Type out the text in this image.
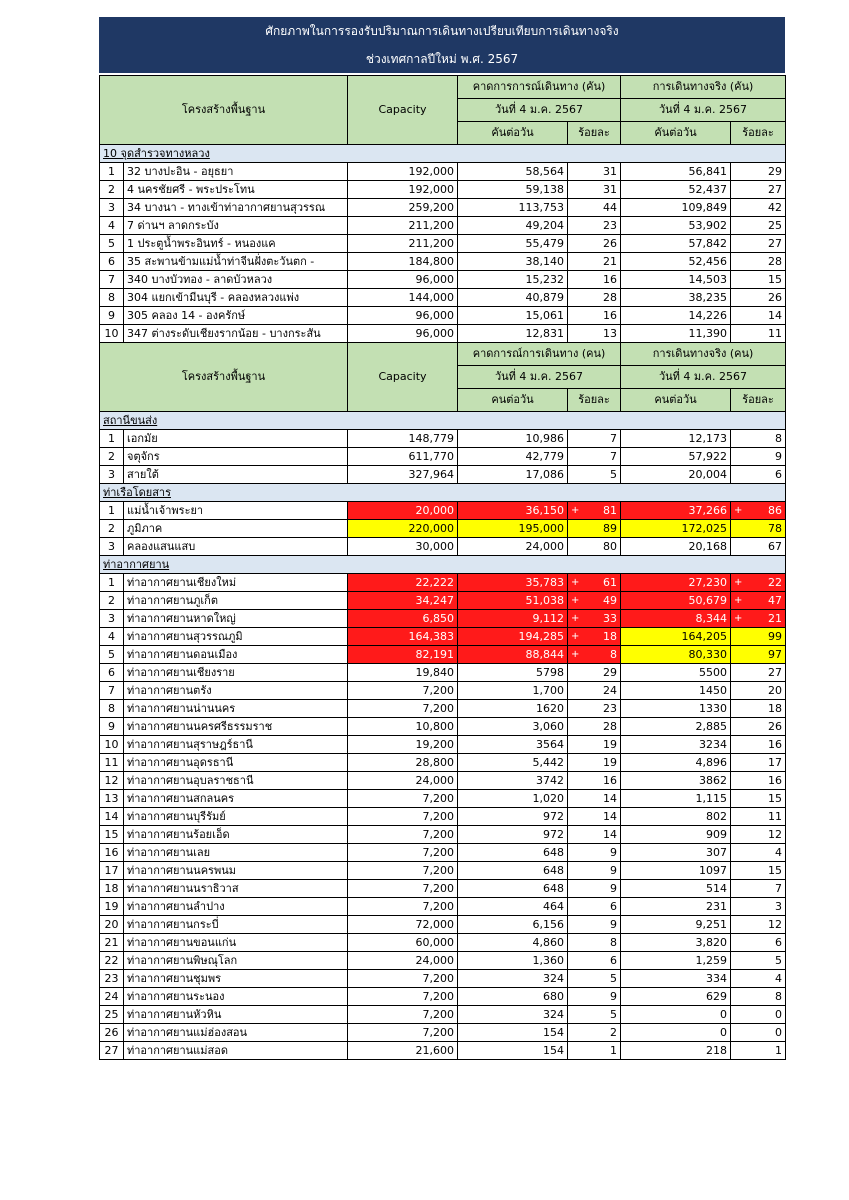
ศักยภาพในการรองรับปริมาณการเดินทางเปรียบเทียบการเดินทางจริง
ช่วงเทศกาลปีใหม่ พ.ศ. 2567
โครงสร้างพื้นฐาน		Capacity	คาดการการณ์เดินทาง (คัน)		การเดินทางจริง (คัน)	
			วันที่ 4 ม.ค. 2567		วันที่ 4 ม.ค. 2567	
			คันต่อวัน	ร้อยละ	คันต่อวัน	ร้อยละ
10 จุดสำรวจทางหลวง						
1	32 บางปะอิน - อยุธยา	192,000	58,564	31	56,841	29
2	4 นครชัยศรี - พระประโทน	192,000	59,138	31	52,437	27
3	34 บางนา - ทางเข้าท่าอากาศยานสุวรรณ	259,200	113,753	44	109,849	42
4	7 ด่านฯ ลาดกระบัง	211,200	49,204	23	53,902	25
5	1 ประตูน้ำพระอินทร์ - หนองแค	211,200	55,479	26	57,842	27
6	35 สะพานข้ามแม่น้ำท่าจีนฝั่งตะวันตก -	184,800	38,140	21	52,456	28
7	340 บางบัวทอง - ลาดบัวหลวง	96,000	15,232	16	14,503	15
8	304 แยกเข้ามีนบุรี - คลองหลวงแพ่ง	144,000	40,879	28	38,235	26
9	305 คลอง 14 - องครักษ์	96,000	15,061	16	14,226	14
10	347 ต่างระดับเชียงรากน้อย - บางกระสัน	96,000	12,831	13	11,390	11
โครงสร้างพื้นฐาน		Capacity	คาดการณ์การเดินทาง (คน)		การเดินทางจริง (คน)	
			วันที่ 4 ม.ค. 2567		วันที่ 4 ม.ค. 2567	
			คนต่อวัน	ร้อยละ	คนต่อวัน	ร้อยละ
สถานีขนส่ง						
1	เอกมัย	148,779	10,986	7	12,173	8
2	จตุจักร	611,770	42,779	7	57,922	9
3	สายใต้	327,964	17,086	5	20,004	6
ท่าเรือโดยสาร						
1	แม่น้ำเจ้าพระยา	20,000	36,150	+ 81	37,266	+ 86

2	ภูมิภาค	220,000	195,000	89	172,025	78
3	คลองแสนแสบ	30,000	24,000	80	20,168	67
ท่าอากาศยาน						
1	ท่าอากาศยานเชียงใหม่	22,222	35,783	+ 61	27,230	+ 22

2	ท่าอากาศยานภูเก็ต	34,247	51,038	+ 49	50,679	+ 47

3	ท่าอากาศยานหาดใหญ่	6,850	9,112	+ 33	8,344	+ 21

4	ท่าอากาศยานสุวรรณภูมิ	164,383	194,285	+ 18	164,205	99
5	ท่าอากาศยานดอนเมือง	82,191	88,844	+ 8	80,330	97
6	ท่าอากาศยานเชียงราย	19,840	5798	29	5500	27
7	ท่าอากาศยานตรัง	7,200	1,700	24	1450	20
8	ท่าอากาศยานน่านนคร	7,200	1620	23	1330	18
9	ท่าอากาศยานนครศรีธรรมราช	10,800	3,060	28	2,885	26
10	ท่าอากาศยานสุราษฎร์ธานี	19,200	3564	19	3234	16
11	ท่าอากาศยานอุดรธานี	28,800	5,442	19	4,896	17
12	ท่าอากาศยานอุบลราชธานี	24,000	3742	16	3862	16
13	ท่าอากาศยานสกลนคร	7,200	1,020	14	1,115	15
14	ท่าอากาศยานบุรีรัมย์	7,200	972	14	802	11
15	ท่าอากาศยานร้อยเอ็ด	7,200	972	14	909	12
16	ท่าอากาศยานเลย	7,200	648	9	307	4
17	ท่าอากาศยานนครพนม	7,200	648	9	1097	15
18	ท่าอากาศยานนราธิวาส	7,200	648	9	514	7
19	ท่าอากาศยานลำปาง	7,200	464	6	231	3
20	ท่าอากาศยานกระบี่	72,000	6,156	9	9,251	12
21	ท่าอากาศยานขอนแก่น	60,000	4,860	8	3,820	6
22	ท่าอากาศยานพิษณุโลก	24,000	1,360	6	1,259	5
23	ท่าอากาศยานชุมพร	7,200	324	5	334	4
24	ท่าอากาศยานระนอง	7,200	680	9	629	8
25	ท่าอากาศยานหัวหิน	7,200	324	5	0	0
26	ท่าอากาศยานแม่ฮ่องสอน	7,200	154	2	0	0
27	ท่าอากาศยานแม่สอด	21,600	154	1	218	1
